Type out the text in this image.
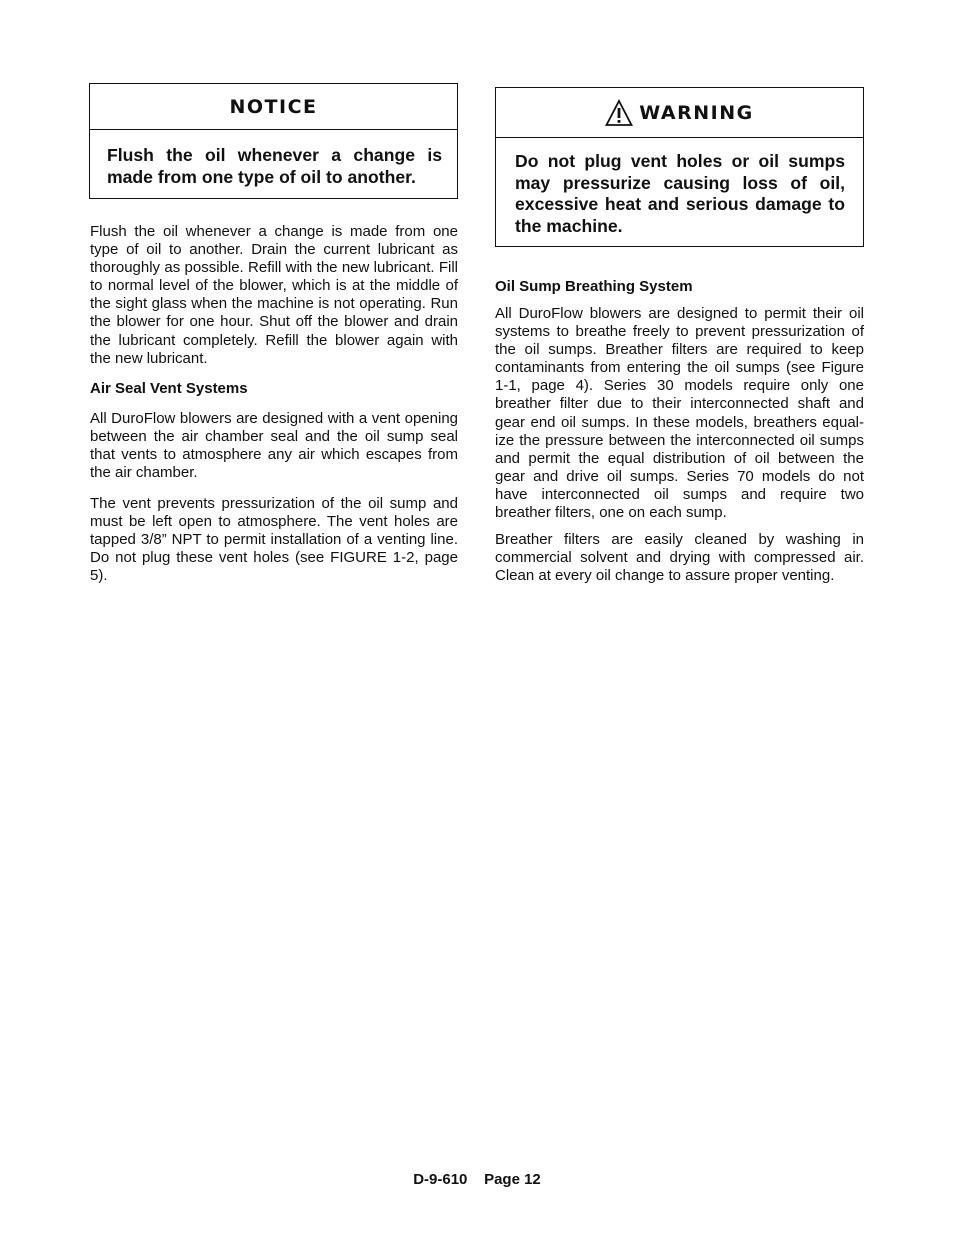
NOTICE
Flush the oil whenever a change is made from one type of oil to another.
WARNING
Do not plug vent holes or oil sumps may pressurize causing loss of oil, excessive heat and serious damage to the machine.

Flush the oil whenever a change is made from one type of oil to another. Drain the current lubricant as thoroughly as possible. Refill with the new lubricant. Fill to normal level of the blower, which is at the middle of the sight glass when the machine is not operating. Run the blower for one hour. Shut off the blower and drain the lubricant completely. Refill the blower again with the new lubricant.

Air Seal Vent Systems

All DuroFlow blowers are designed with a vent opening between the air chamber seal and the oil sump seal that vents to atmosphere any air which escapes from the air chamber.

The vent prevents pressurization of the oil sump and must be left open to atmosphere. The vent holes are tapped 3/8” NPT to permit installation of a venting line. Do not plug these vent holes (see FIGURE 1‑2, page 5).

Oil Sump Breathing System

All DuroFlow blowers are designed to permit their oil systems to breathe freely to prevent pressurization of the oil sumps. Breather filters are required to keep contaminants from entering the oil sumps (see Figure 1‑1, page 4). Series 30 models require only one breather filter due to their interconnected shaft and gear end oil sumps. In these models, breathers equalize the pressure between the interconnected oil sumps and permit the equal distribution of oil between the gear and drive oil sumps. Series 70 models do not have interconnected oil sumps and require two breather filters, one on each sump.

Breather filters are easily cleaned by washing in commercial solvent and drying with compressed air. Clean at every oil change to assure proper venting.

D‑9‑610    Page 12
